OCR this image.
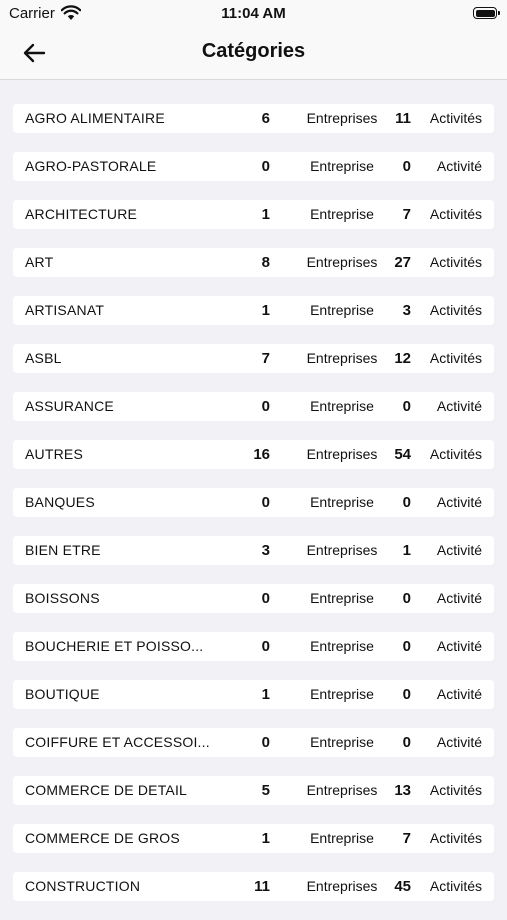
Carrier	11:04 AM
Catégories
AGRO ALIMENTAIRE	6	Entreprises	11 Activités
AGRO-PASTORALE	0	Entreprise	0 Activité
ARCHITECTURE	1	Entreprise	7 Activités
ART	8	Entreprises	27 Activités
ARTISANAT	1	Entreprise	3 Activités
ASBL	7	Entreprises	12 Activités
ASSURANCE	0	Entreprise	0 Activité
AUTRES	16	Entreprises	54 Activités
BANQUES	0	Entreprise	0 Activité
BIEN ETRE	3	Entreprises	1 Activité
BOISSONS	0	Entreprise	0 Activité
BOUCHERIE ET POISSO...	0	Entreprise	0 Activité
BOUTIQUE	1	Entreprise	0 Activité
COIFFURE ET ACCESSOI...	0	Entreprise	0 Activité
COMMERCE DE DETAIL	5	Entreprises	13 Activités
COMMERCE DE GROS	1	Entreprise	7 Activités
CONSTRUCTION	11	Entreprises	45 Activités
